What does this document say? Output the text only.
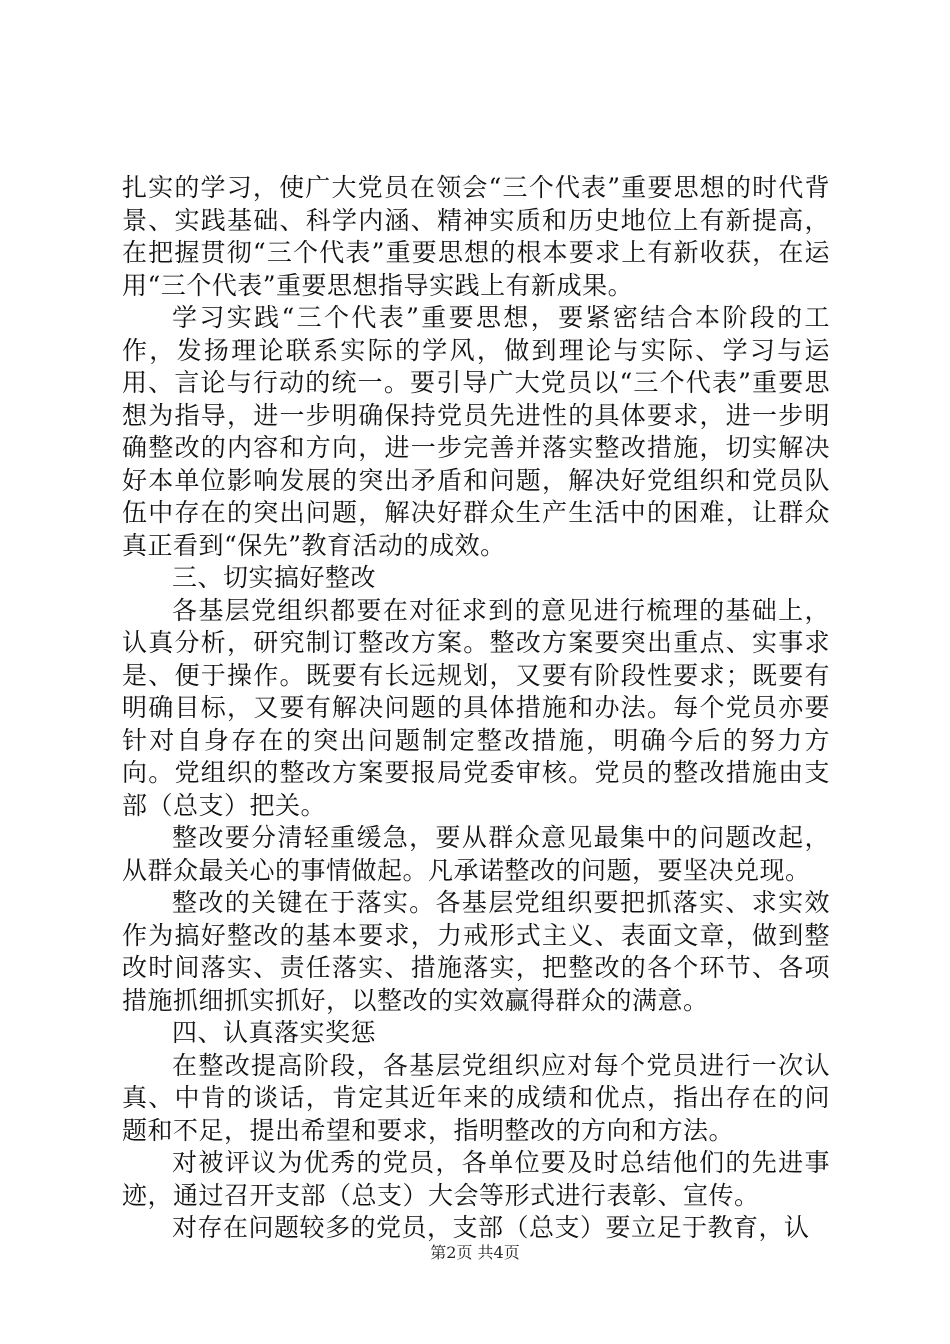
扎实的学习，使广大党员在领会“三个代表”重要思想的时代背景、实践基础、科学内涵、精神实质和历史地位上有新提高，在把握贯彻“三个代表”重要思想的根本要求上有新收获，在运用“三个代表”重要思想指导实践上有新成果。

学习实践“三个代表”重要思想，要紧密结合本阶段的工作，发扬理论联系实际的学风，做到理论与实际、学习与运用、言论与行动的统一。要引导广大党员以“三个代表”重要思想为指导，进一步明确保持党员先进性的具体要求，进一步明确整改的内容和方向，进一步完善并落实整改措施，切实解决好本单位影响发展的突出矛盾和问题，解决好党组织和党员队伍中存在的突出问题，解决好群众生产生活中的困难，让群众真正看到“保先”教育活动的成效。

三、切实搞好整改

各基层党组织都要在对征求到的意见进行梳理的基础上，认真分析，研究制订整改方案。整改方案要突出重点、实事求是、便于操作。既要有长远规划，又要有阶段性要求；既要有明确目标，又要有解决问题的具体措施和办法。每个党员亦要针对自身存在的突出问题制定整改措施，明确今后的努力方向。党组织的整改方案要报局党委审核。党员的整改措施由支部（总支）把关。

整改要分清轻重缓急，要从群众意见最集中的问题改起，从群众最关心的事情做起。凡承诺整改的问题，要坚决兑现。

整改的关键在于落实。各基层党组织要把抓落实、求实效作为搞好整改的基本要求，力戒形式主义、表面文章，做到整改时间落实、责任落实、措施落实，把整改的各个环节、各项措施抓细抓实抓好，以整改的实效赢得群众的满意。

四、认真落实奖惩

在整改提高阶段，各基层党组织应对每个党员进行一次认真、中肯的谈话，肯定其近年来的成绩和优点，指出存在的问题和不足，提出希望和要求，指明整改的方向和方法。

对被评议为优秀的党员，各单位要及时总结他们的先进事迹，通过召开支部（总支）大会等形式进行表彰、宣传。

对存在问题较多的党员，支部（总支）要立足于教育，认

第2页 共4页
